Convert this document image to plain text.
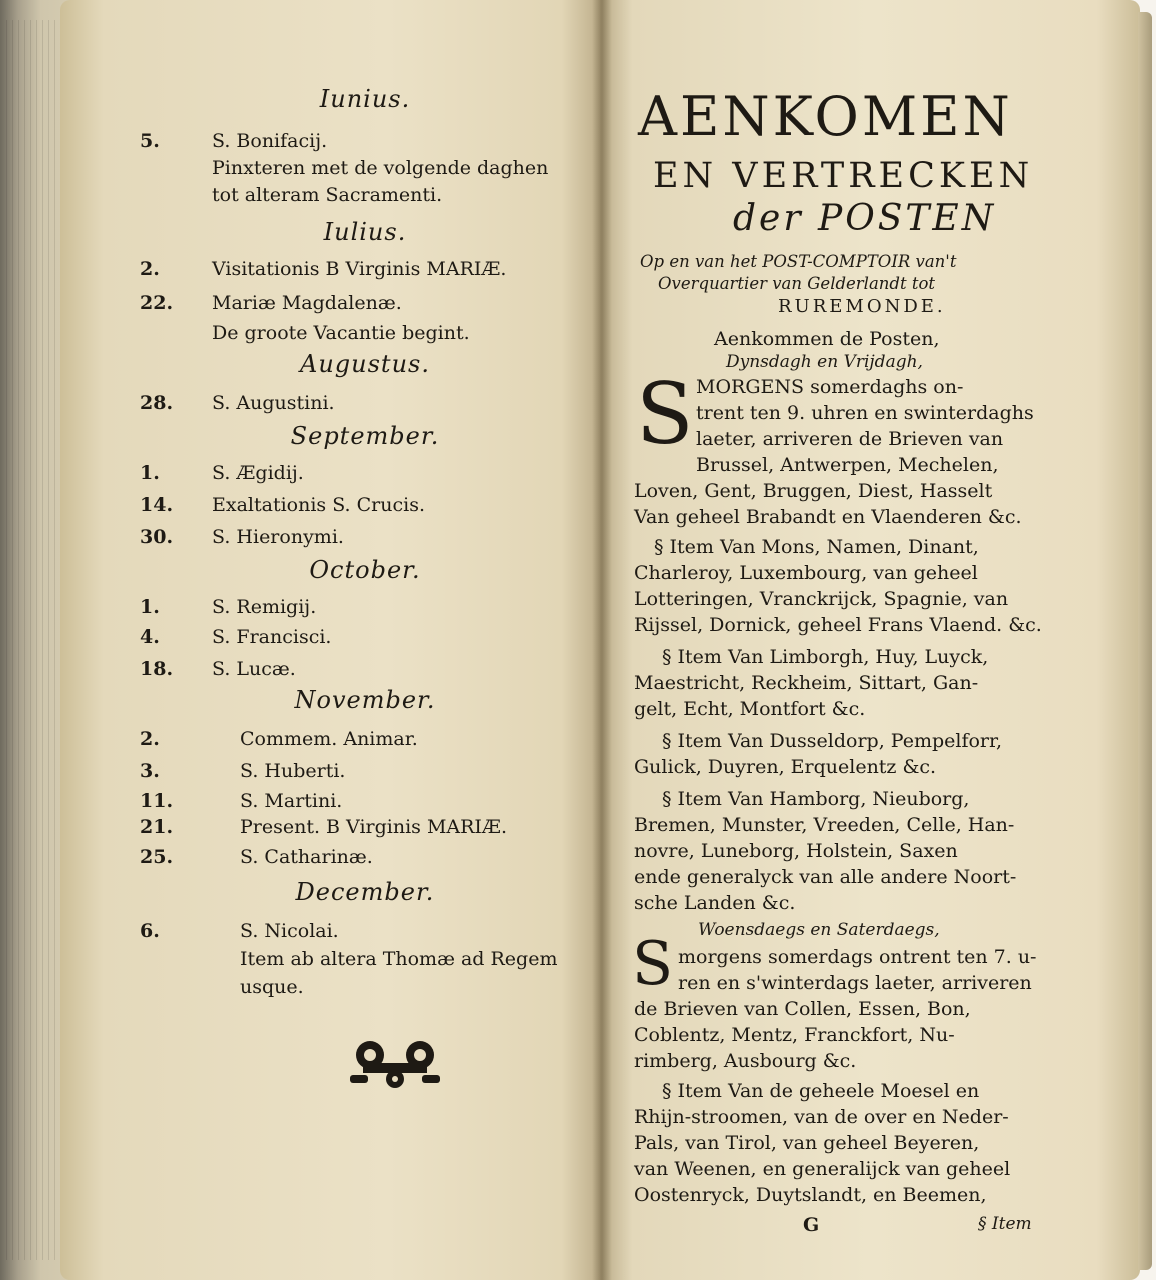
Iunius.
5.	S. Bonifacij.
Pinxteren met de volgende daghen
tot alteram Sacramenti.
Iulius.
2.	Visitationis B Virginis MARIÆ.
22.	Mariæ Magdalenæ.
De groote Vacantie begint.
Augustus.
28.	S. Augustini.
September.
1.	S. Ægidij.
14.	Exaltationis S. Crucis.
30.	S. Hieronymi.
October.
1.	S. Remigij.
4.	S. Francisci.
18.	S. Lucæ.
November.
2.	Commem. Animar.
3.	S. Huberti.
11.	S. Martini.
21.	Present. B Virginis MARIÆ.
25.	S. Catharinæ.
December.
6.	S. Nicolai.
Item ab altera Thomæ ad Regem
usque.
AENKOMEN
EN VERTRECKEN
der POSTEN
Op en van het POST-COMPTOIR van't
Overquartier van Gelderlandt tot
RUREMONDE.
Aenkommen de Posten,
Dynsdagh en Vrijdagh,
S MORGENS somerdaghs on-
trent ten 9. uhren en swinterdaghs
laeter, arriveren de Brieven van
Brussel, Antwerpen, Mechelen,
Loven, Gent, Bruggen, Diest, Hasselt
Van geheel Brabandt en Vlaenderen &c.
§ Item Van Mons, Namen, Dinant,
Charleroy, Luxembourg, van geheel
Lotteringen, Vranckrijck, Spagnie, van
Rijssel, Dornick, geheel Frans Vlaend. &c.
§ Item Van Limborgh, Huy, Luyck,
Maestricht, Reckheim, Sittart, Gan-
gelt, Echt, Montfort &c.
§ Item Van Dusseldorp, Pempelforr,
Gulick, Duyren, Erquelentz &c.
§ Item Van Hamborg, Nieuborg,
Bremen, Munster, Vreeden, Celle, Han-
novre, Luneborg, Holstein, Saxen
ende generalyck van alle andere Noort-
sche Landen &c.
Woensdaegs en Saterdaegs,
S morgens somerdags ontrent ten 7. u-
ren en s'winterdags laeter, arriveren
de Brieven van Collen, Essen, Bon,
Coblentz, Mentz, Franckfort, Nu-
rimberg, Ausbourg &c.
§ Item Van de geheele Moesel en
Rhijn-stroomen, van de over en Neder-
Pals, van Tirol, van geheel Beyeren,
van Weenen, en generalijck van geheel
Oostenryck, Duytslandt, en Beemen,
G	§ Item
